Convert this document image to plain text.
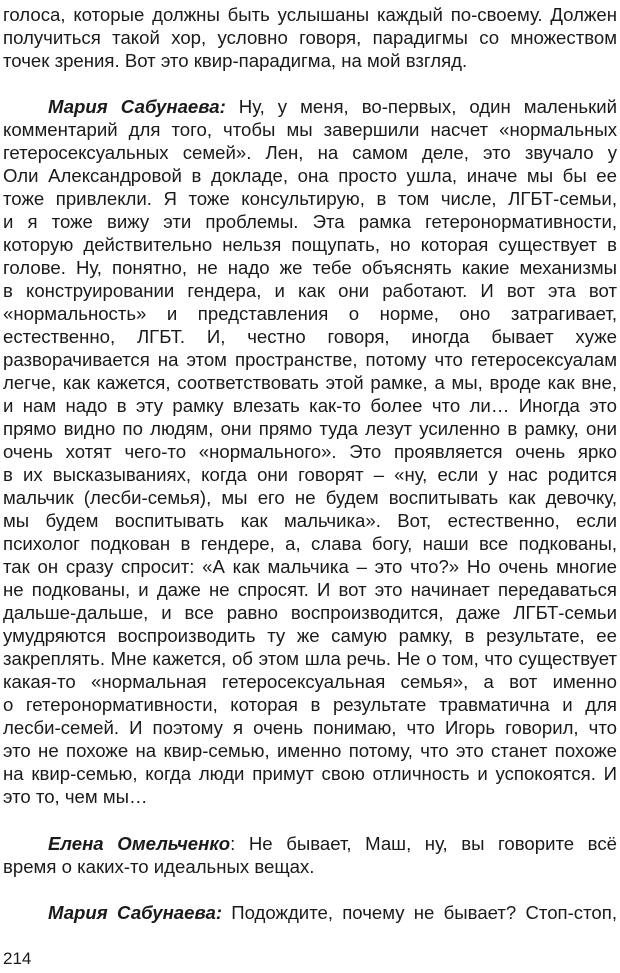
голоса, которые должны быть услышаны каждый по-своему. Должен
получиться такой хор, условно говоря, парадигмы со множеством
точек зрения. Вот это квир-парадигма, на мой взгляд.
Мария Сабунаева: Ну, у меня, во-первых, один маленький
комментарий для того, чтобы мы завершили насчет «нормальных
гетеросексуальных семей». Лен, на самом деле, это звучало у
Оли Александровой в докладе, она просто ушла, иначе мы бы ее
тоже привлекли. Я тоже консультирую, в том числе, ЛГБТ-семьи,
и я тоже вижу эти проблемы. Эта рамка гетеронормативности,
которую действительно нельзя пощупать, но которая существует в
голове. Ну, понятно, не надо же тебе объяснять какие механизмы
в конструировании гендера, и как они работают. И вот эта вот
«нормальность» и представления о норме, оно затрагивает,
естественно, ЛГБТ. И, честно говоря, иногда бывает хуже
разворачивается на этом пространстве, потому что гетеросексуалам
легче, как кажется, соответствовать этой рамке, а мы, вроде как вне,
и нам надо в эту рамку влезать как-то более что ли… Иногда это
прямо видно по людям, они прямо туда лезут усиленно в рамку, они
очень хотят чего-то «нормального». Это проявляется очень ярко
в их высказываниях, когда они говорят – «ну, если у нас родится
мальчик (лесби-семья), мы его не будем воспитывать как девочку,
мы будем воспитывать как мальчика». Вот, естественно, если
психолог подкован в гендере, а, слава богу, наши все подкованы,
так он сразу спросит: «А как мальчика – это что?» Но очень многие
не подкованы, и даже не спросят. И вот это начинает передаваться
дальше-дальше, и все равно воспроизводится, даже ЛГБТ-семьи
умудряются воспроизводить ту же самую рамку, в результате, ее
закреплять. Мне кажется, об этом шла речь. Не о том, что существует
какая-то «нормальная гетеросексуальная семья», а вот именно
о гетеронормативности, которая в результате травматична и для
лесби-семей. И поэтому я очень понимаю, что Игорь говорил, что
это не похоже на квир-семью, именно потому, что это станет похоже
на квир-семью, когда люди примут свою отличность и успокоятся. И
это то, чем мы…
Елена Омельченко: Не бывает, Маш, ну, вы говорите всё
время о каких-то идеальных вещах.
Мария Сабунаева: Подождите, почему не бывает? Стоп-стоп,
214
